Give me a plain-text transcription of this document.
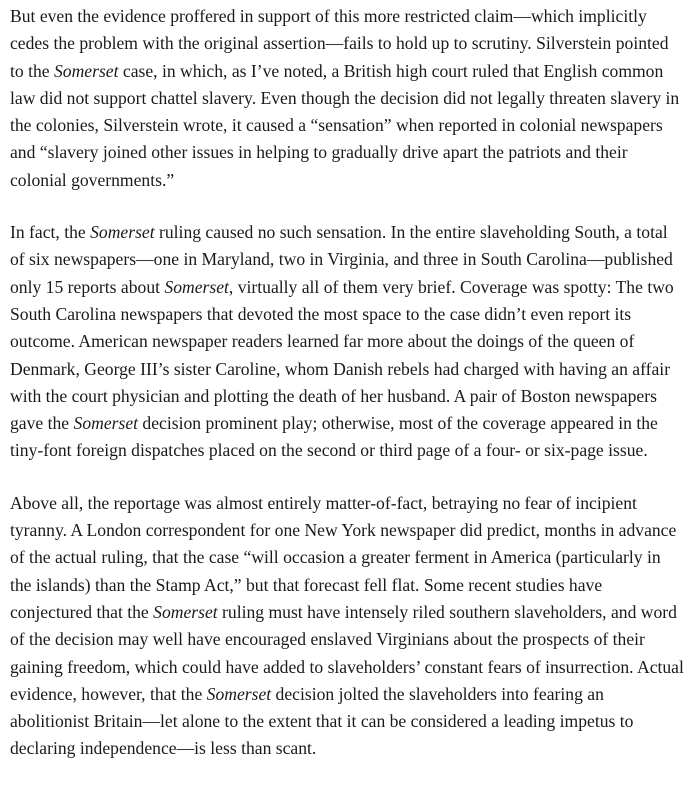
But even the evidence proffered in support of this more restricted claim—which implicitly cedes the problem with the original assertion—fails to hold up to scrutiny. Silverstein pointed to the Somerset case, in which, as I’ve noted, a British high court ruled that English common law did not support chattel slavery. Even though the decision did not legally threaten slavery in the colonies, Silverstein wrote, it caused a “sensation” when reported in colonial newspapers and “slavery joined other issues in helping to gradually drive apart the patriots and their colonial governments.”

In fact, the Somerset ruling caused no such sensation. In the entire slaveholding South, a total of six newspapers—one in Maryland, two in Virginia, and three in South Carolina—published only 15 reports about Somerset, virtually all of them very brief. Coverage was spotty: The two South Carolina newspapers that devoted the most space to the case didn’t even report its outcome. American newspaper readers learned far more about the doings of the queen of Denmark, George III’s sister Caroline, whom Danish rebels had charged with having an affair with the court physician and plotting the death of her husband. A pair of Boston newspapers gave the Somerset decision prominent play; otherwise, most of the coverage appeared in the tiny-font foreign dispatches placed on the second or third page of a four- or six-page issue.

Above all, the reportage was almost entirely matter-of-fact, betraying no fear of incipient tyranny. A London correspondent for one New York newspaper did predict, months in advance of the actual ruling, that the case “will occasion a greater ferment in America (particularly in the islands) than the Stamp Act,” but that forecast fell flat. Some recent studies have conjectured that the Somerset ruling must have intensely riled southern slaveholders, and word of the decision may well have encouraged enslaved Virginians about the prospects of their gaining freedom, which could have added to slaveholders’ constant fears of insurrection. Actual evidence, however, that the Somerset decision jolted the slaveholders into fearing an abolitionist Britain—let alone to the extent that it can be considered a leading impetus to declaring independence—is less than scant.
